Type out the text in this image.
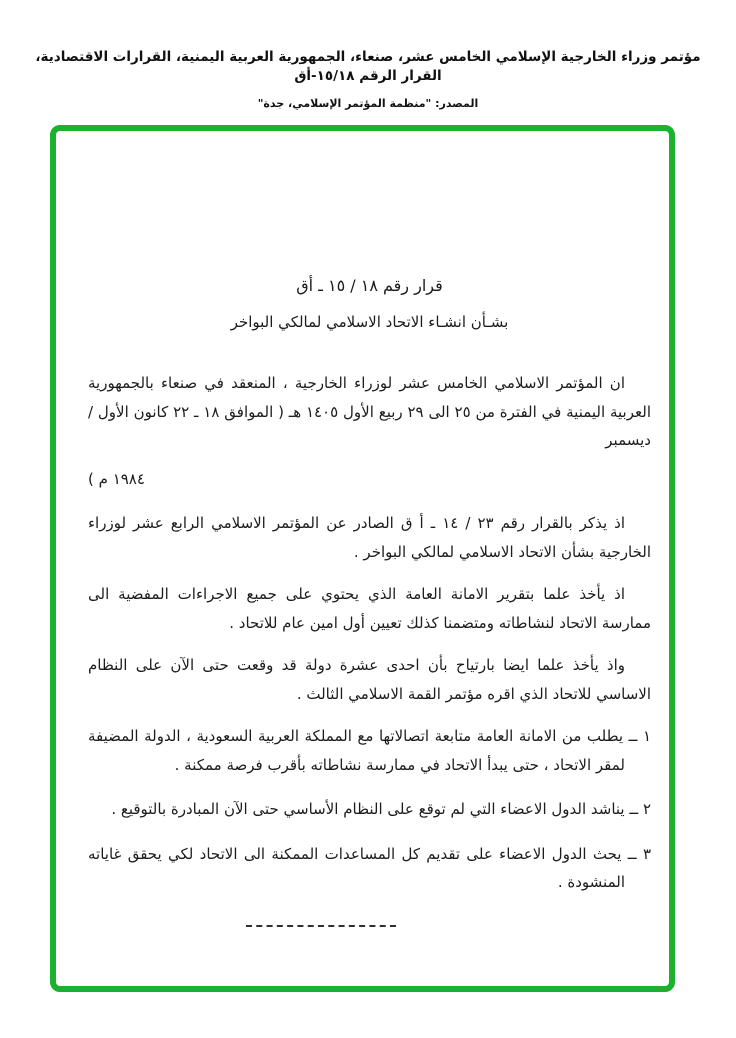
مؤتمر وزراء الخارجية الإسلامي الخامس عشر، صنعاء، الجمهورية العربية اليمنية، القرارات الاقتصادية، القرار الرقم ١٥/١٨-أق
المصدر: "منظمة المؤتمر الإسلامي، جدة"
قرار رقم ١٨ / ١٥ ـ أق
بشـأن انشـاء الاتحاد الاسلامي لمالكي البواخر

ان المؤتمر الاسلامي الخامس عشر لوزراء الخارجية ، المنعقد في صنعاء بالجمهورية العربية اليمنية في الفترة من ٢٥ الى ٢٩ ربيع الأول ١٤٠٥ هـ ( الموافق ١٨ ـ ٢٢ كانون الأول / ديسمبر

١٩٨٤ م )

اذ يذكر بالقرار رقم ٢٣ / ١٤ ـ أ ق الصادر عن المؤتمر الاسلامي الرابع عشر لوزراء الخارجية بشأن الاتحاد الاسلامي لمالكي البواخر .

اذ يأخذ علما بتقرير الامانة العامة الذي يحتوي على جميع الاجراءات المفضية الى ممارسة الاتحاد لنشاطاته ومتضمنا كذلك تعيين أول امين عام للاتحاد .

واذ يأخذ علما ايضا بارتياح بأن احدى عشرة دولة قد وقعت حتى الآن على النظام الاساسي للاتحاد الذي اقره مؤتمر القمة الاسلامي الثالث .

١ ــ يطلب من الامانة العامة متابعة اتصالاتها مع المملكة العربية السعودية ، الدولة المضيفة لمقر الاتحاد ، حتى يبدأ الاتحاد في ممارسة نشاطاته بأقرب فرصة ممكنة .
٢ ــ يناشد الدول الاعضاء التي لم توقع على النظام الأساسي حتى الآن المبادرة بالتوقيع .
٣ ــ يحث الدول الاعضاء على تقديم كل المساعدات الممكنة الى الاتحاد لكي يحقق غاياته المنشودة .
